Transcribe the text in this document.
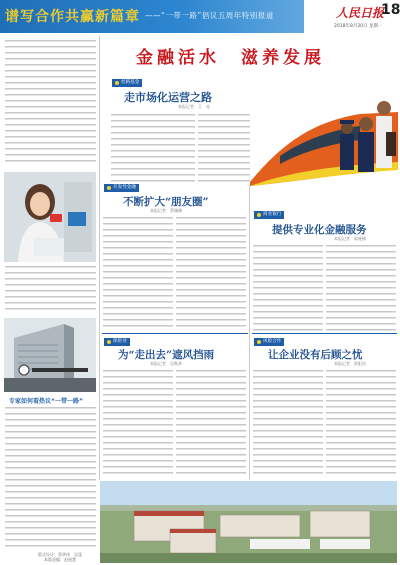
谱写合作共赢新篇章 ——“一带一路”倡议五周年特别报道	人民日报
18
2018年8月20日 星期一
专家如何看热议“一带一路”
版式设计：蔡华伟　吴泓
本版责编：赵展慧
金融活水　滋养发展
丝路基金
走市场化运营之路
本报记者　王　亮
开发性金融
不断扩大“朋友圈”
本报记者　罗珊珊
商业银行
提供专业化金融服务
本报记者　陆娅楠
保险业
为“走出去”遮风挡雨
本报记者　吴秋余
风险合作
让企业没有后顾之忧
本报记者　欧阳洁
